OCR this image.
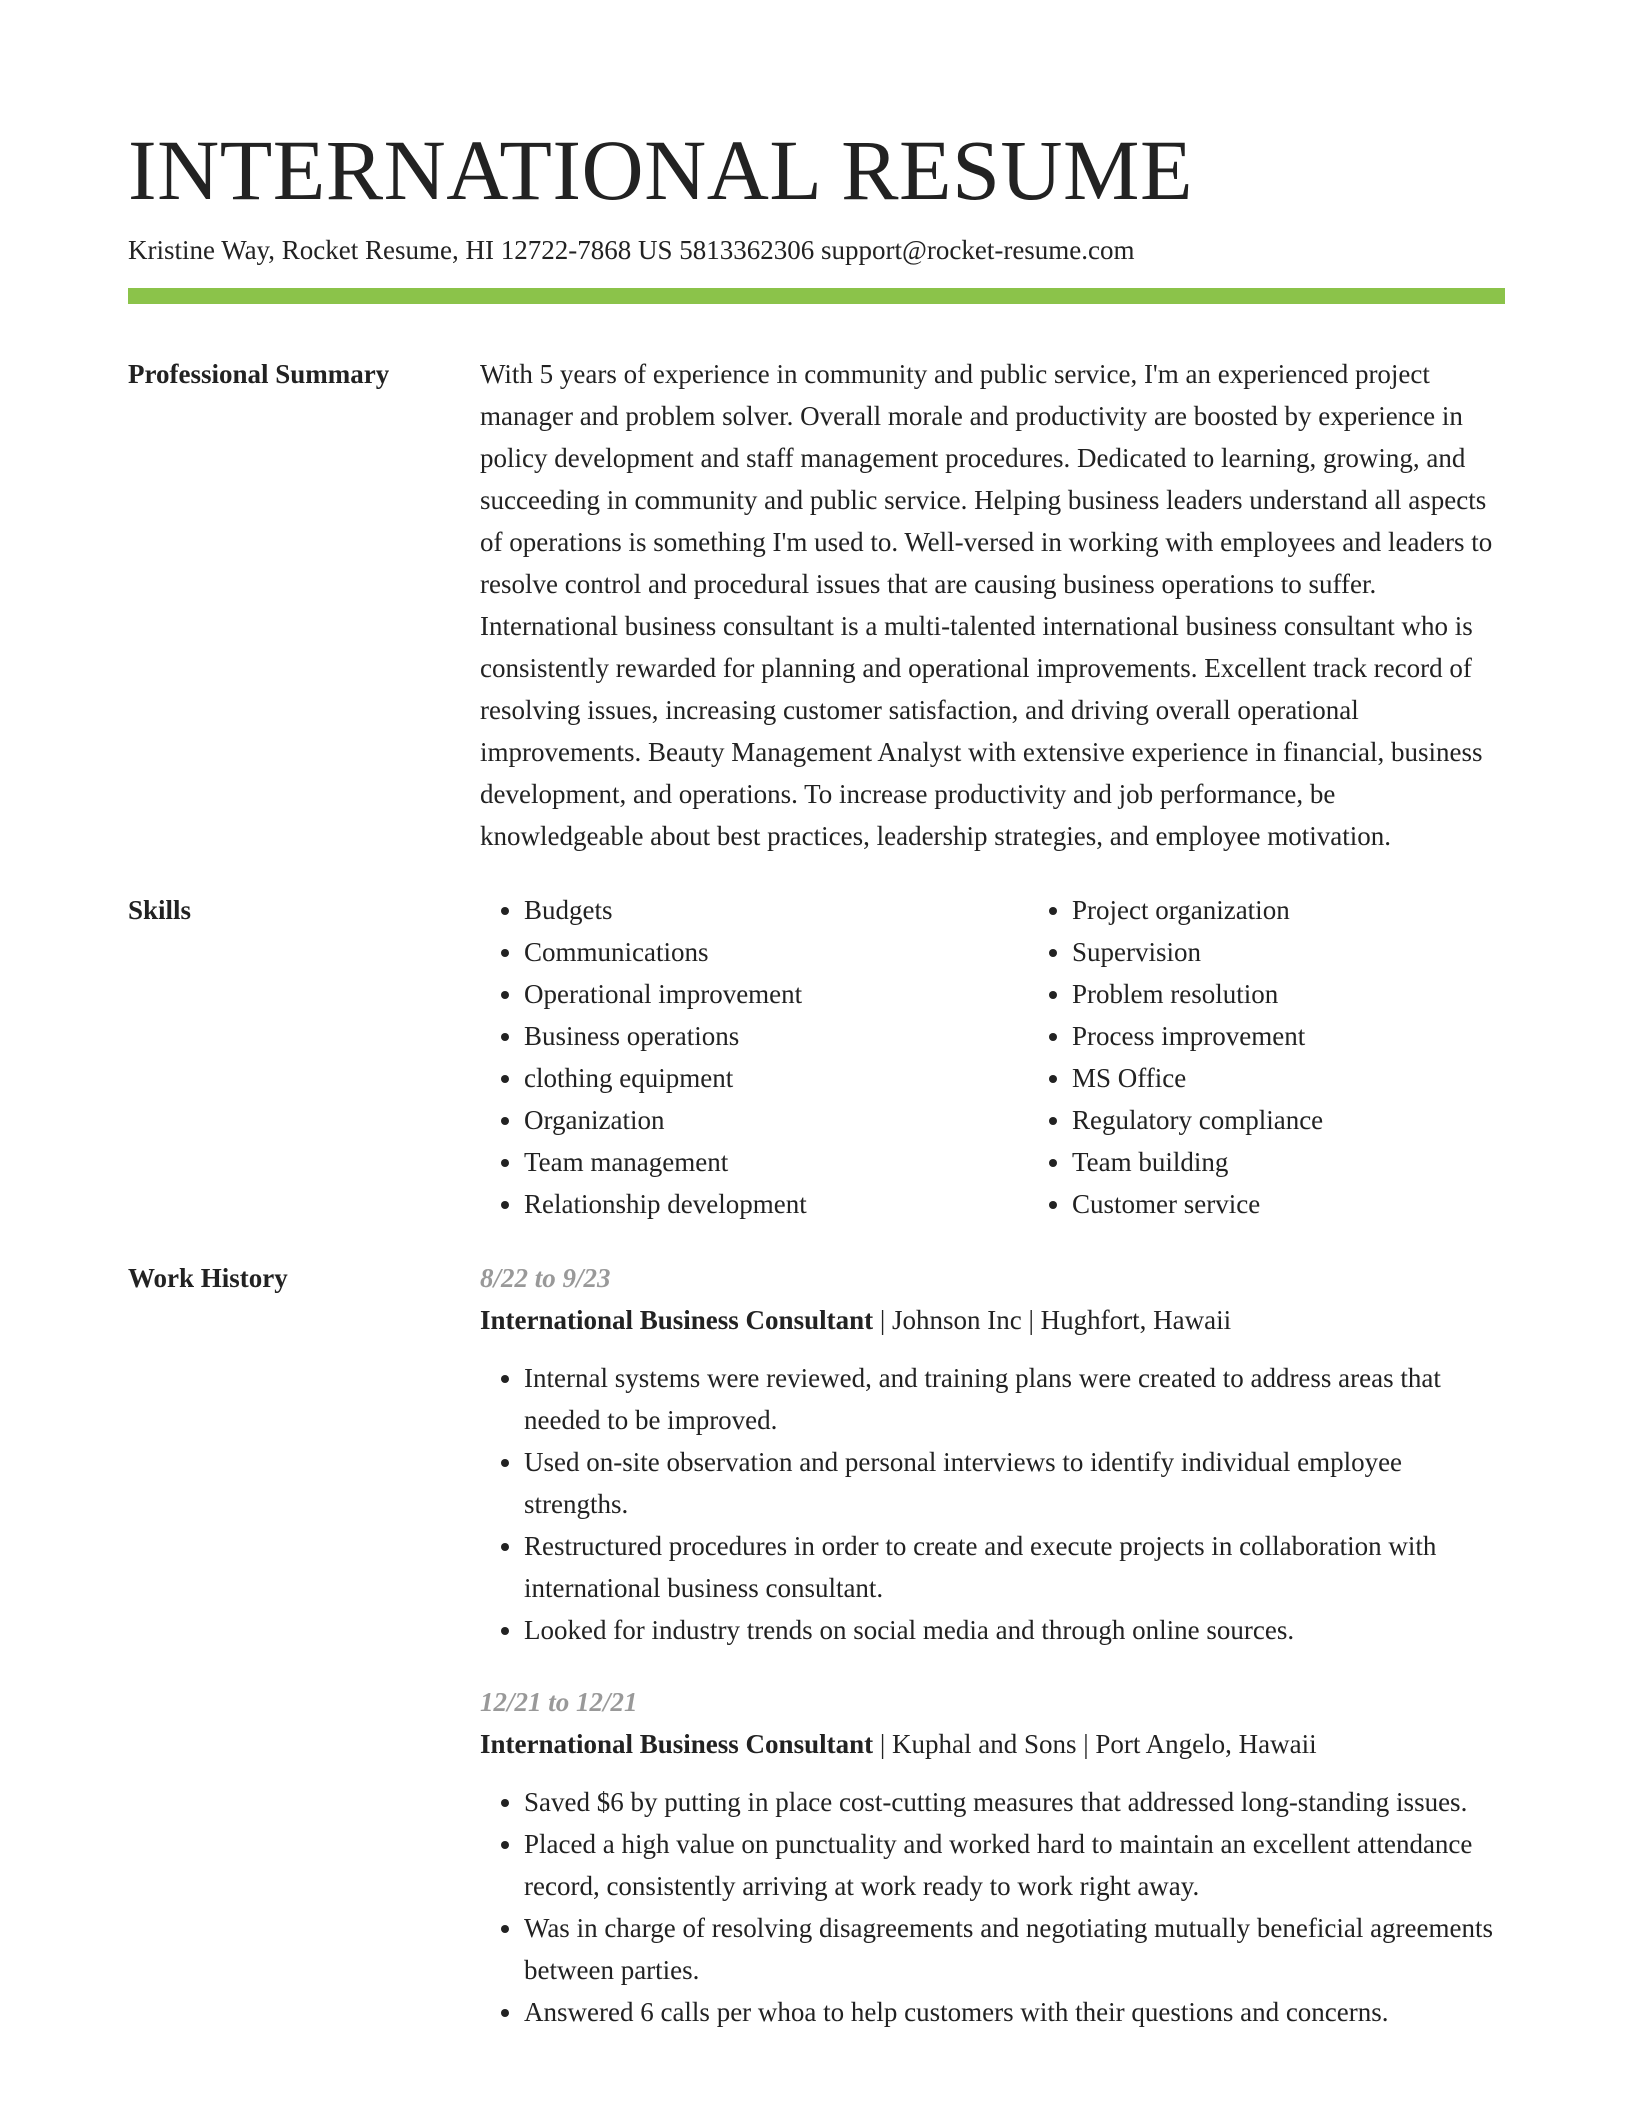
INTERNATIONAL RESUME
Kristine Way, Rocket Resume, HI 12722-7868 US 5813362306 support@rocket-resume.com
Professional Summary	With 5 years of experience in community and public service, I'm an experienced project manager and problem solver. Overall morale and productivity are boosted by experience in policy development and staff management procedures. Dedicated to learning, growing, and succeeding in community and public service. Helping business leaders understand all aspects of operations is something I'm used to. Well-versed in working with employees and leaders to resolve control and procedural issues that are causing business operations to suffer. International business consultant is a multi-talented international business consultant who is consistently rewarded for planning and operational improvements. Excellent track record of resolving issues, increasing customer satisfaction, and driving overall operational improvements. Beauty Management Analyst with extensive experience in financial, business development, and operations. To increase productivity and job performance, be knowledgeable about best practices, leadership strategies, and employee motivation.

Skills
•	Budgets
• Communications
• Operational improvement
• Business operations
• clothing equipment
• Organization
• Team management
• Relationship development
• Project organization
• Supervision
• Problem resolution
• Process improvement
• MS Office
• Regulatory compliance
• Team building
• Customer service
Work History	8/22 to 9/23
International Business Consultant | Johnson Inc | Hughfort, Hawaii
• Internal systems were reviewed, and training plans were created to address areas that needed to be improved.
• Used on-site observation and personal interviews to identify individual employee strengths.
• Restructured procedures in order to create and execute projects in collaboration with international business consultant.
• Looked for industry trends on social media and through online sources.
12/21 to 12/21
International Business Consultant | Kuphal and Sons | Port Angelo, Hawaii
• Saved $6 by putting in place cost-cutting measures that addressed long-standing issues.
• Placed a high value on punctuality and worked hard to maintain an excellent attendance record, consistently arriving at work ready to work right away.
• Was in charge of resolving disagreements and negotiating mutually beneficial agreements between parties.
• Answered 6 calls per whoa to help customers with their questions and concerns.
